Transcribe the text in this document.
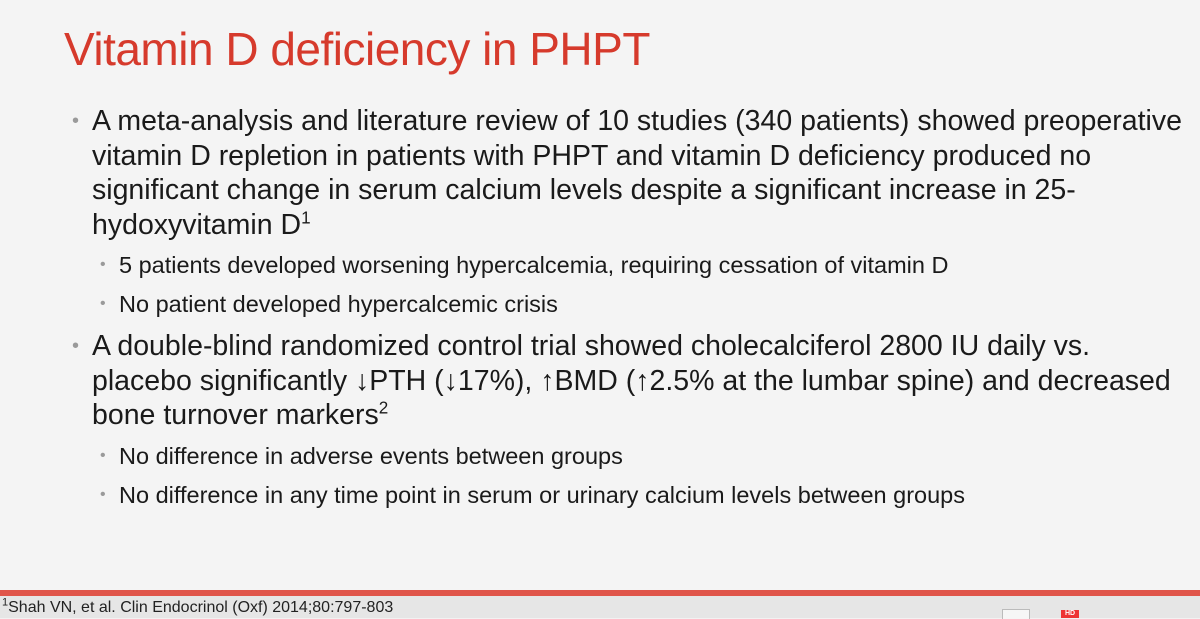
Vitamin D deficiency in PHPT
• A meta-analysis and literature review of 10 studies (340 patients) showed preoperative vitamin D repletion in patients with PHPT and vitamin D deficiency produced no significant change in serum calcium levels despite a significant increase in 25-hydoxyvitamin $D^1$
• 5 patients developed worsening hypercalcemia, requiring cessation of vitamin D
• No patient developed hypercalcemic crisis
• A double-blind randomized control trial showed cholecalciferol 2800 IU daily vs. placebo significantly ↓PTH (↓17%), ↑BMD (↑2.5% at the lumbar spine) and decreased bone turnover markers$^2$
• No difference in adverse events between groups
• No difference in any time point in serum or urinary calcium levels between groups
$^1$Shah VN, et al. Clin Endocrinol (Oxf) 2014;80:797-803	HD
